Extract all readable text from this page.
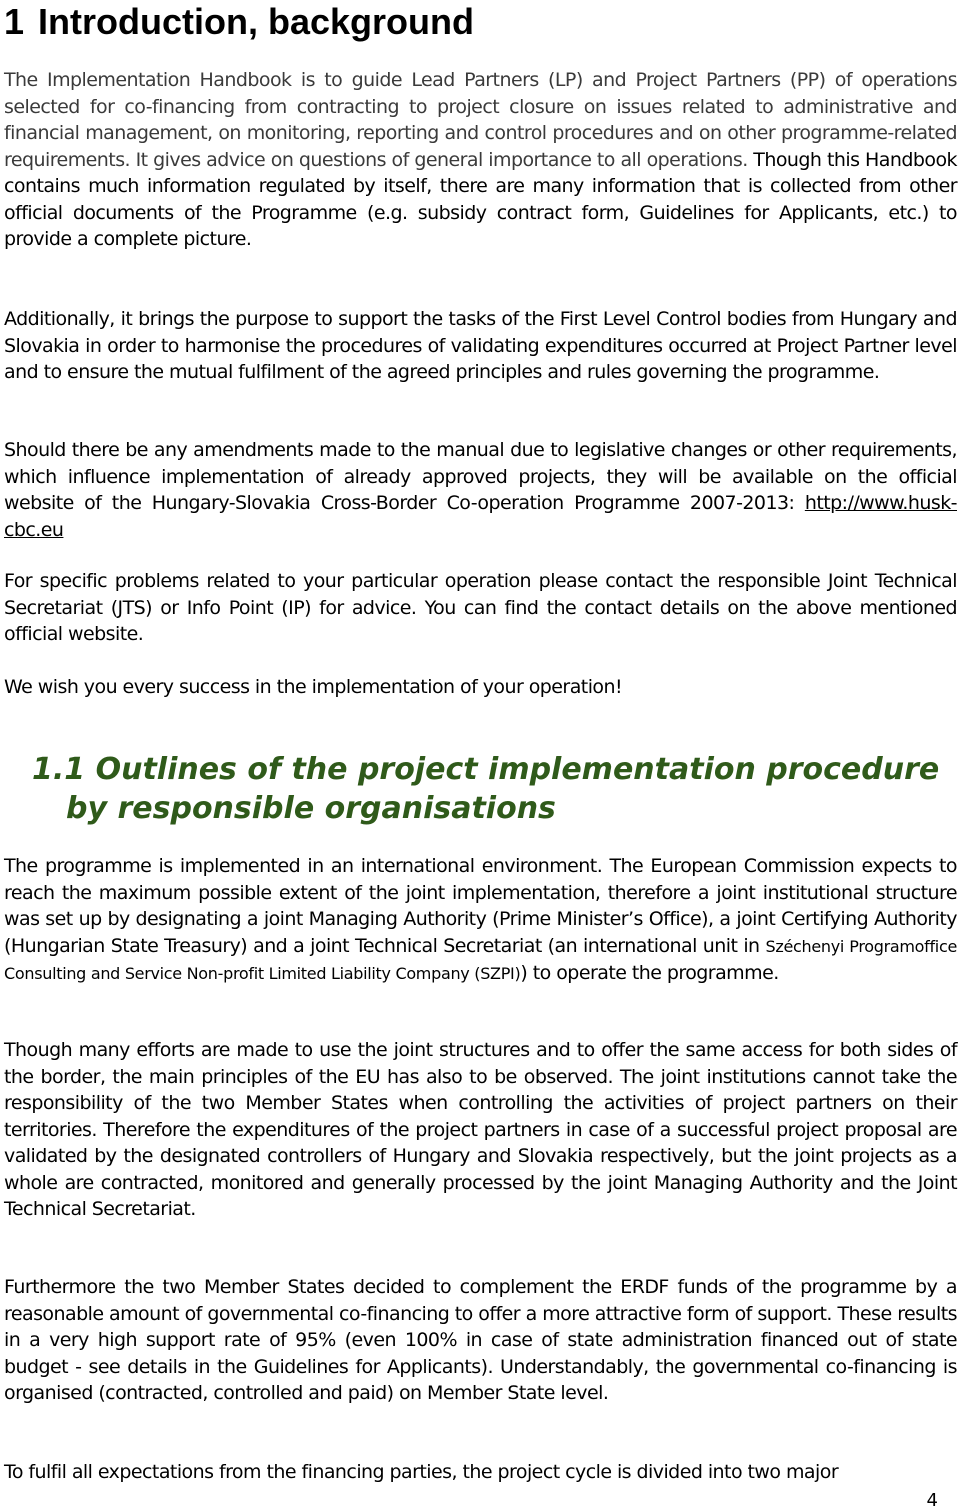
1 Introduction, background

The Implementation Handbook is to guide Lead Partners (LP) and Project Partners (PP) of operations selected for co-financing from contracting to project closure on issues related to administrative and financial management, on monitoring, reporting and control procedures and on other programme-related requirements. It gives advice on questions of general importance to all operations. Though this Handbook contains much information regulated by itself, there are many information that is collected from other official documents of the Programme (e.g. subsidy contract form, Guidelines for Applicants, etc.) to provide a complete picture.

Additionally, it brings the purpose to support the tasks of the First Level Control bodies from Hungary and Slovakia in order to harmonise the procedures of validating expenditures occurred at Project Partner level and to ensure the mutual fulfilment of the agreed principles and rules governing the programme.

Should there be any amendments made to the manual due to legislative changes or other requirements, which influence implementation of already approved projects, they will be available on the official website of the Hungary-Slovakia Cross-Border Co-operation Programme 2007-2013: http://www.husk-cbc.eu

For specific problems related to your particular operation please contact the responsible Joint Technical Secretariat (JTS) or Info Point (IP) for advice. You can find the contact details on the above mentioned official website.

We wish you every success in the implementation of your operation!

1.1 Outlines of the project implementation procedure
by responsible organisations

The programme is implemented in an international environment. The European Commission expects to reach the maximum possible extent of the joint implementation, therefore a joint institutional structure was set up by designating a joint Managing Authority (Prime Minister’s Office), a joint Certifying Authority (Hungarian State Treasury) and a joint Technical Secretariat (an international unit in Széchenyi Programoffice Consulting and Service Non-profit Limited Liability Company (SZPI)) to operate the programme.

Though many efforts are made to use the joint structures and to offer the same access for both sides of the border, the main principles of the EU has also to be observed. The joint institutions cannot take the responsibility of the two Member States when controlling the activities of project partners on their territories. Therefore the expenditures of the project partners in case of a successful project proposal are validated by the designated controllers of Hungary and Slovakia respectively, but the joint projects as a whole are contracted, monitored and generally processed by the joint Managing Authority and the Joint Technical Secretariat.

Furthermore the two Member States decided to complement the ERDF funds of the programme by a reasonable amount of governmental co-financing to offer a more attractive form of support. These results in a very high support rate of 95% (even 100% in case of state administration financed out of state budget - see details in the Guidelines for Applicants). Understandably, the governmental co-financing is organised (contracted, controlled and paid) on Member State level.

To fulfil all expectations from the financing parties, the project cycle is divided into two major

4
